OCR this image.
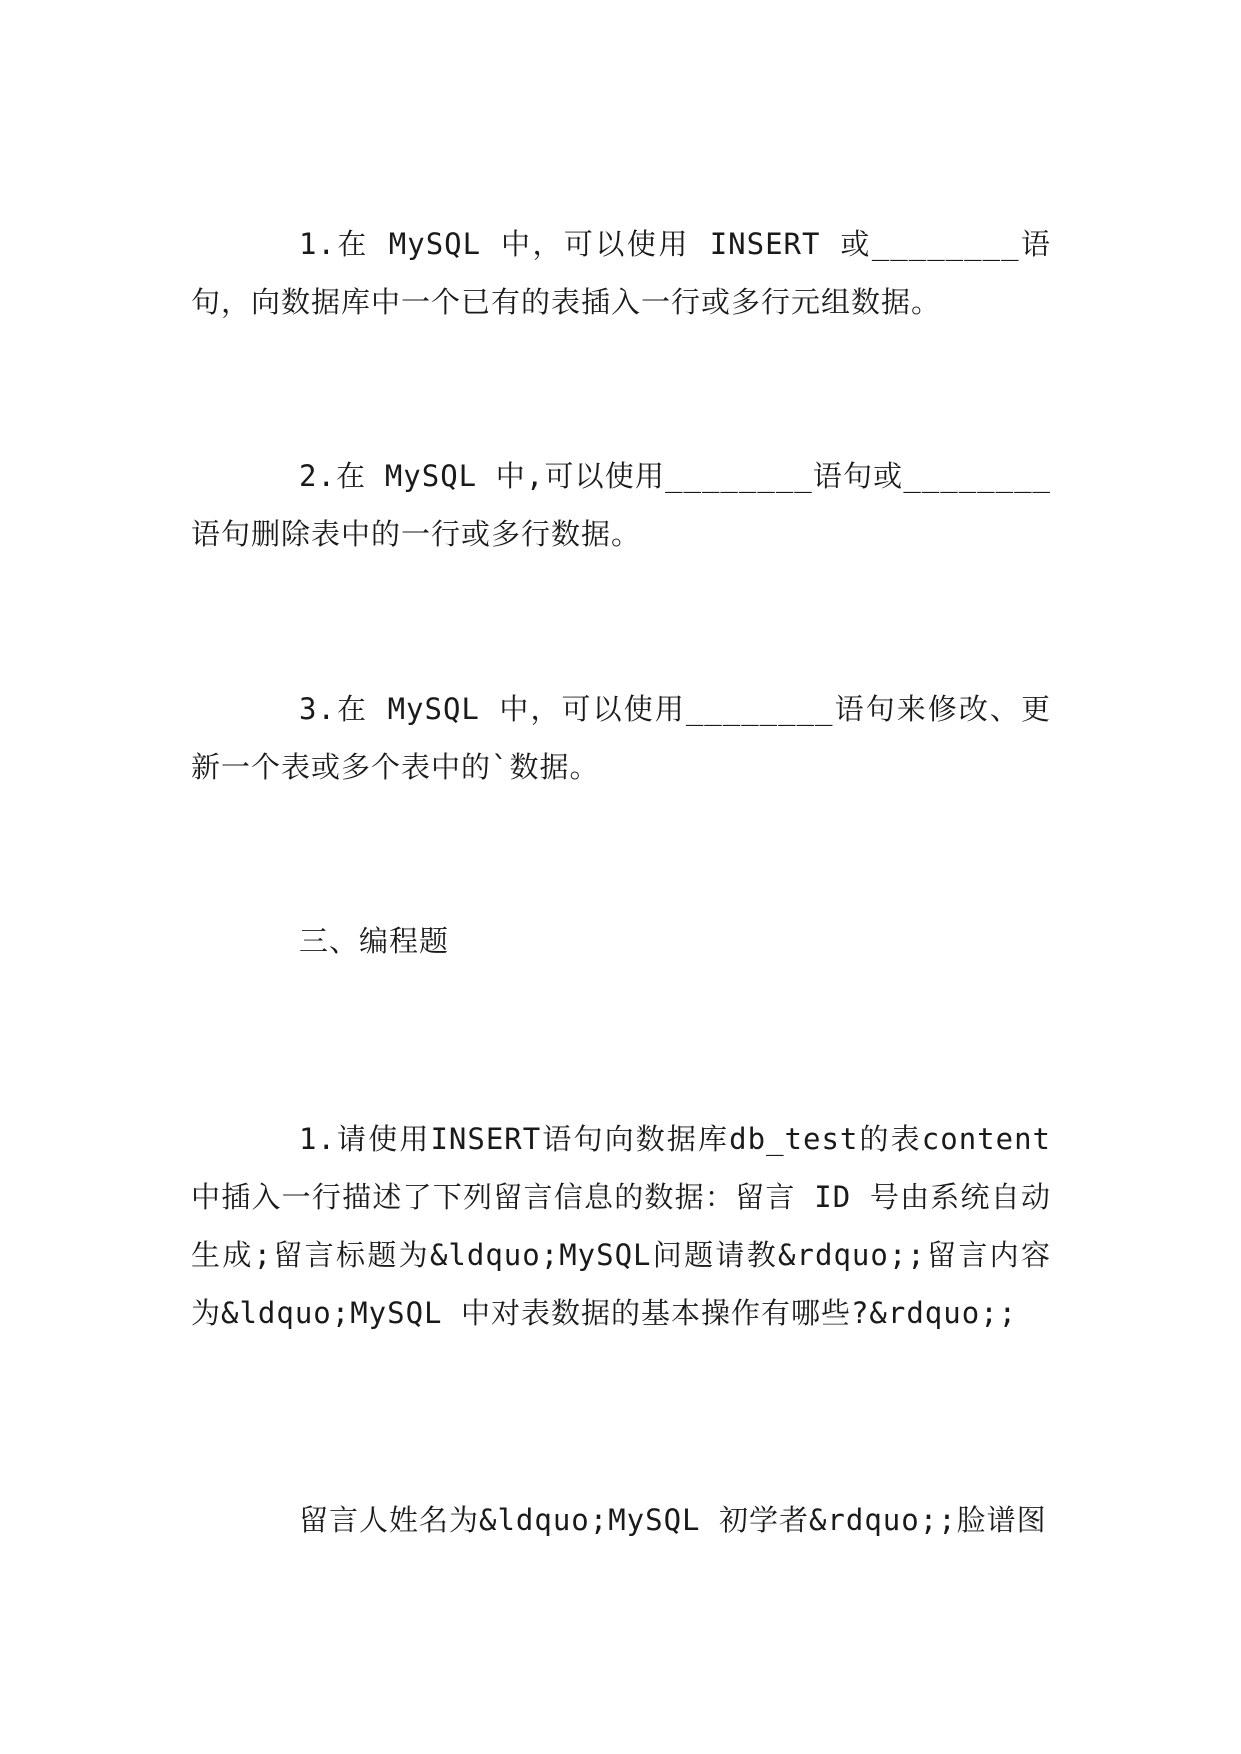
1.在 MySQL 中，可以使用 INSERT 或________语句，向数据库中一个已有的表插入一行或多行元组数据。

2.在 MySQL 中,可以使用________语句或________语句删除表中的一行或多行数据。

3.在 MySQL 中，可以使用________语句来修改、更新一个表或多个表中的`数据。

三、编程题

1.请使用INSERT语句向数据库db_test的表content中插入一行描述了下列留言信息的数据：留言 ID 号由系统自动生成;留言标题为&ldquo;MySQL问题请教&rdquo;;留言内容为&ldquo;MySQL 中对表数据的基本操作有哪些?&rdquo;;

留言人姓名为&ldquo;MySQL 初学者&rdquo;;脸谱图
